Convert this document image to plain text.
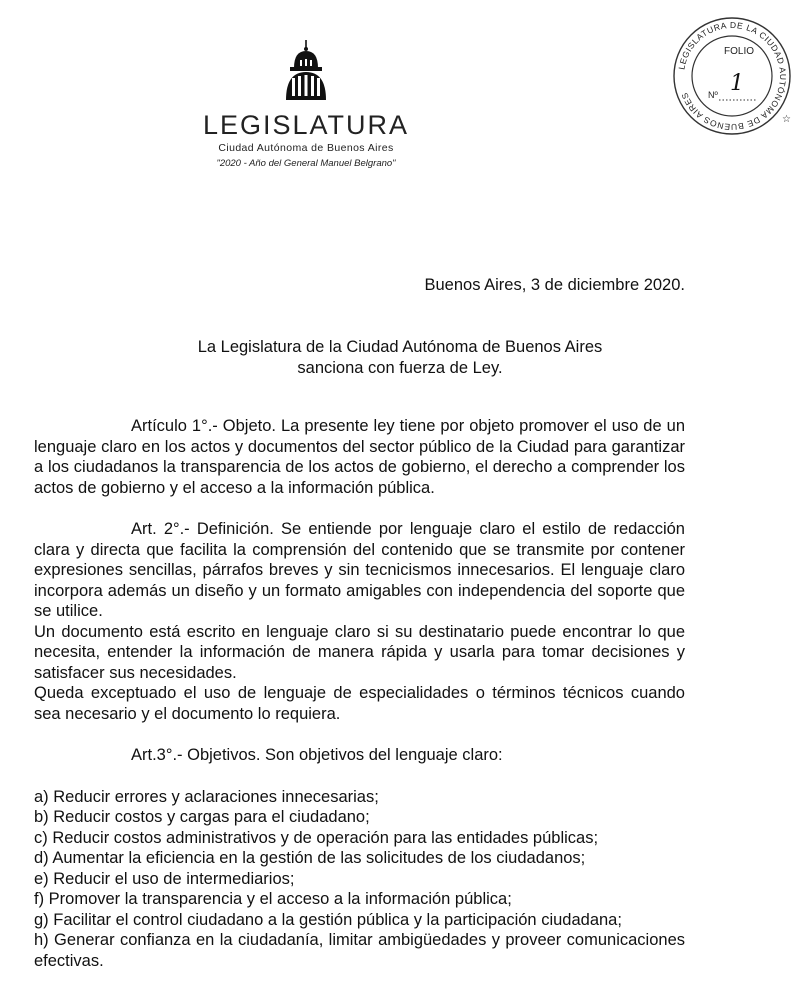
LEGISLATURA
Ciudad Autónoma de Buenos Aires
"2020 - Año del General Manuel Belgrano"
LEGISLATURA DE LA CIUDAD AUTÓNOMA DE BUENOS AIRES
☆
FOLIO
Nº 1
Buenos Aires, 3 de diciembre 2020.
La Legislatura de la Ciudad Autónoma de Buenos Aires
sanciona con fuerza de Ley.

Artículo 1°.- Objeto. La presente ley tiene por objeto promover el uso de un lenguaje claro en los actos y documentos del sector público de la Ciudad para garantizar a los ciudadanos la transparencia de los actos de gobierno, el derecho a comprender los actos de gobierno y el acceso a la información pública.

Art. 2°.- Definición. Se entiende por lenguaje claro el estilo de redacción clara y directa que facilita la comprensión del contenido que se transmite por contener expresiones sencillas, párrafos breves y sin tecnicismos innecesarios. El lenguaje claro incorpora además un diseño y un formato amigables con independencia del soporte que se utilice.

Un documento está escrito en lenguaje claro si su destinatario puede encontrar lo que necesita, entender la información de manera rápida y usarla para tomar decisiones y satisfacer sus necesidades.

Queda exceptuado el uso de lenguaje de especialidades o términos técnicos cuando sea necesario y el documento lo requiera.

Art.3°.- Objetivos. Son objetivos del lenguaje claro:

a) Reducir errores y aclaraciones innecesarias;
b) Reducir costos y cargas para el ciudadano;
c) Reducir costos administrativos y de operación para las entidades públicas;
d) Aumentar la eficiencia en la gestión de las solicitudes de los ciudadanos;
e) Reducir el uso de intermediarios;
f) Promover la transparencia y el acceso a la información pública;
g) Facilitar el control ciudadano a la gestión pública y la participación ciudadana;
h) Generar confianza en la ciudadanía, limitar ambigüedades y proveer comunicaciones efectivas.
